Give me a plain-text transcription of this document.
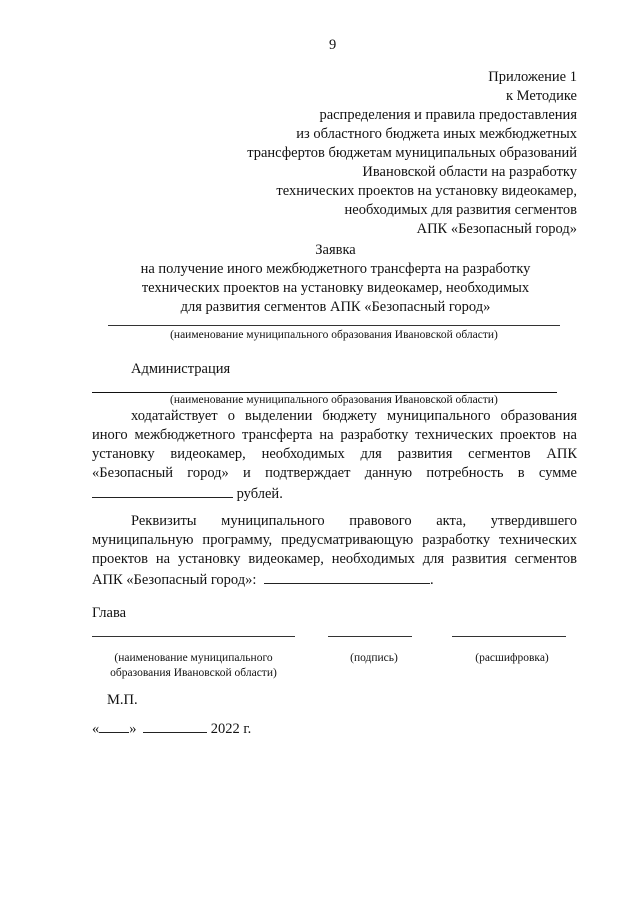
9
Приложение 1
к Методике
распределения и правила предоставления
из областного бюджета иных межбюджетных
трансфертов бюджетам муниципальных образований
Ивановской области на разработку
технических проектов на установку видеокамер,
необходимых для развития сегментов
АПК «Безопасный город»
Заявка
на получение иного межбюджетного трансферта на разработку
технических проектов на установку видеокамер, необходимых
для развития сегментов АПК «Безопасный город»
(наименование муниципального образования Ивановской области)
Администрация
(наименование муниципального образования Ивановской области)
ходатайствует о выделении бюджету муниципального образования
иного межбюджетного трансферта на разработку технических проектов на
установку видеокамер, необходимых для развития сегментов АПК
«Безопасный город» и подтверждает данную потребность в сумме
рублей.
Реквизиты муниципального правового акта, утвердившего
муниципальную программу, предусматривающую разработку технических
проектов на установку видеокамер, необходимых для развития сегментов
АПК «Безопасный город»:	.
Глава
(наименование муниципального
образования Ивановской области)
(подпись)	(расшифровка)
М.П.
« »	2022 г.
